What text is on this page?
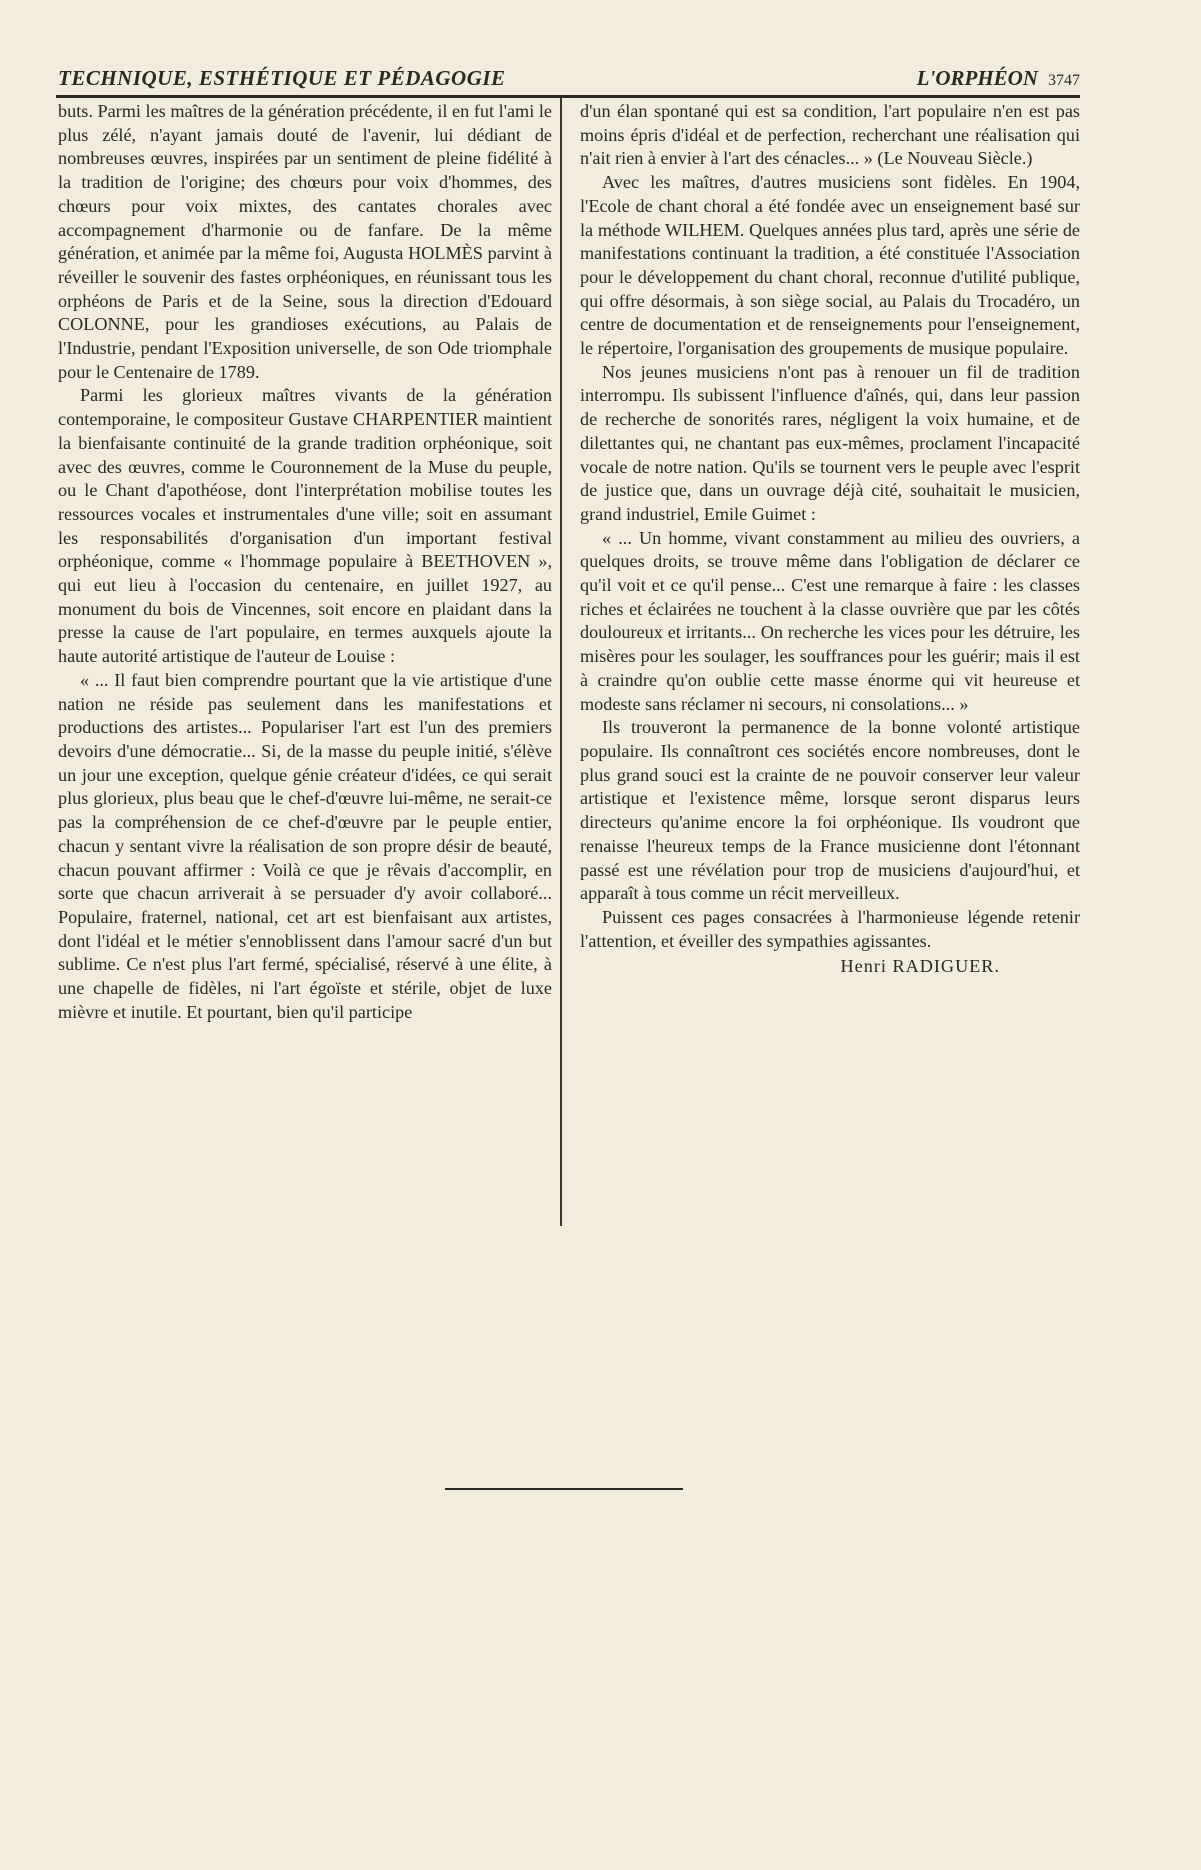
TECHNIQUE, ESTHÉTIQUE ET PÉDAGOGIE	L'ORPHÉON 3747

buts. Parmi les maîtres de la génération précédente, il en fut l'ami le plus zélé, n'ayant jamais douté de l'avenir, lui dédiant de nombreuses œuvres, inspirées par un sentiment de pleine fidélité à la tradition de l'origine; des chœurs pour voix d'hommes, des chœurs pour voix mixtes, des cantates chorales avec accompagnement d'harmonie ou de fanfare. De la même génération, et animée par la même foi, Augusta HOLMÈS parvint à réveiller le souvenir des fastes orphéoniques, en réunissant tous les orphéons de Paris et de la Seine, sous la direction d'Edouard COLONNE, pour les grandioses exécutions, au Palais de l'Industrie, pendant l'Exposition universelle, de son Ode triomphale pour le Centenaire de 1789.

Parmi les glorieux maîtres vivants de la génération contemporaine, le compositeur Gustave CHARPENTIER maintient la bienfaisante continuité de la grande tradition orphéonique, soit avec des œuvres, comme le Couronnement de la Muse du peuple, ou le Chant d'apothéose, dont l'interprétation mobilise toutes les ressources vocales et instrumentales d'une ville; soit en assumant les responsabilités d'organisation d'un important festival orphéonique, comme « l'hommage populaire à BEETHOVEN », qui eut lieu à l'occasion du centenaire, en juillet 1927, au monument du bois de Vincennes, soit encore en plaidant dans la presse la cause de l'art populaire, en termes auxquels ajoute la haute autorité artistique de l'auteur de Louise :

« ... Il faut bien comprendre pourtant que la vie artistique d'une nation ne réside pas seulement dans les manifestations et productions des artistes... Populariser l'art est l'un des premiers devoirs d'une démocratie... Si, de la masse du peuple initié, s'élève un jour une exception, quelque génie créateur d'idées, ce qui serait plus glorieux, plus beau que le chef-d'œuvre lui-même, ne serait-ce pas la compréhension de ce chef-d'œuvre par le peuple entier, chacun y sentant vivre la réalisation de son propre désir de beauté, chacun pouvant affirmer : Voilà ce que je rêvais d'accomplir, en sorte que chacun arriverait à se persuader d'y avoir collaboré... Populaire, fraternel, national, cet art est bienfaisant aux artistes, dont l'idéal et le métier s'ennoblissent dans l'amour sacré d'un but sublime. Ce n'est plus l'art fermé, spécialisé, réservé à une élite, à une chapelle de fidèles, ni l'art égoïste et stérile, objet de luxe mièvre et inutile. Et pourtant, bien qu'il participe

d'un élan spontané qui est sa condition, l'art populaire n'en est pas moins épris d'idéal et de perfection, recherchant une réalisation qui n'ait rien à envier à l'art des cénacles... » (Le Nouveau Siècle.)

Avec les maîtres, d'autres musiciens sont fidèles. En 1904, l'Ecole de chant choral a été fondée avec un enseignement basé sur la méthode WILHEM. Quelques années plus tard, après une série de manifestations continuant la tradition, a été constituée l'Association pour le développement du chant choral, reconnue d'utilité publique, qui offre désormais, à son siège social, au Palais du Trocadéro, un centre de documentation et de renseignements pour l'enseignement, le répertoire, l'organisation des groupements de musique populaire.

Nos jeunes musiciens n'ont pas à renouer un fil de tradition interrompu. Ils subissent l'influence d'aînés, qui, dans leur passion de recherche de sonorités rares, négligent la voix humaine, et de dilettantes qui, ne chantant pas eux-mêmes, proclament l'incapacité vocale de notre nation. Qu'ils se tournent vers le peuple avec l'esprit de justice que, dans un ouvrage déjà cité, souhaitait le musicien, grand industriel, Emile Guimet :

« ... Un homme, vivant constamment au milieu des ouvriers, a quelques droits, se trouve même dans l'obligation de déclarer ce qu'il voit et ce qu'il pense... C'est une remarque à faire : les classes riches et éclairées ne touchent à la classe ouvrière que par les côtés douloureux et irritants... On recherche les vices pour les détruire, les misères pour les soulager, les souffrances pour les guérir; mais il est à craindre qu'on oublie cette masse énorme qui vit heureuse et modeste sans réclamer ni secours, ni consolations... »

Ils trouveront la permanence de la bonne volonté artistique populaire. Ils connaîtront ces sociétés encore nombreuses, dont le plus grand souci est la crainte de ne pouvoir conserver leur valeur artistique et l'existence même, lorsque seront disparus leurs directeurs qu'anime encore la foi orphéonique. Ils voudront que renaisse l'heureux temps de la France musicienne dont l'étonnant passé est une révélation pour trop de musiciens d'aujourd'hui, et apparaît à tous comme un récit merveilleux.

Puissent ces pages consacrées à l'harmonieuse légende retenir l'attention, et éveiller des sympathies agissantes.

Henri RADIGUER.
